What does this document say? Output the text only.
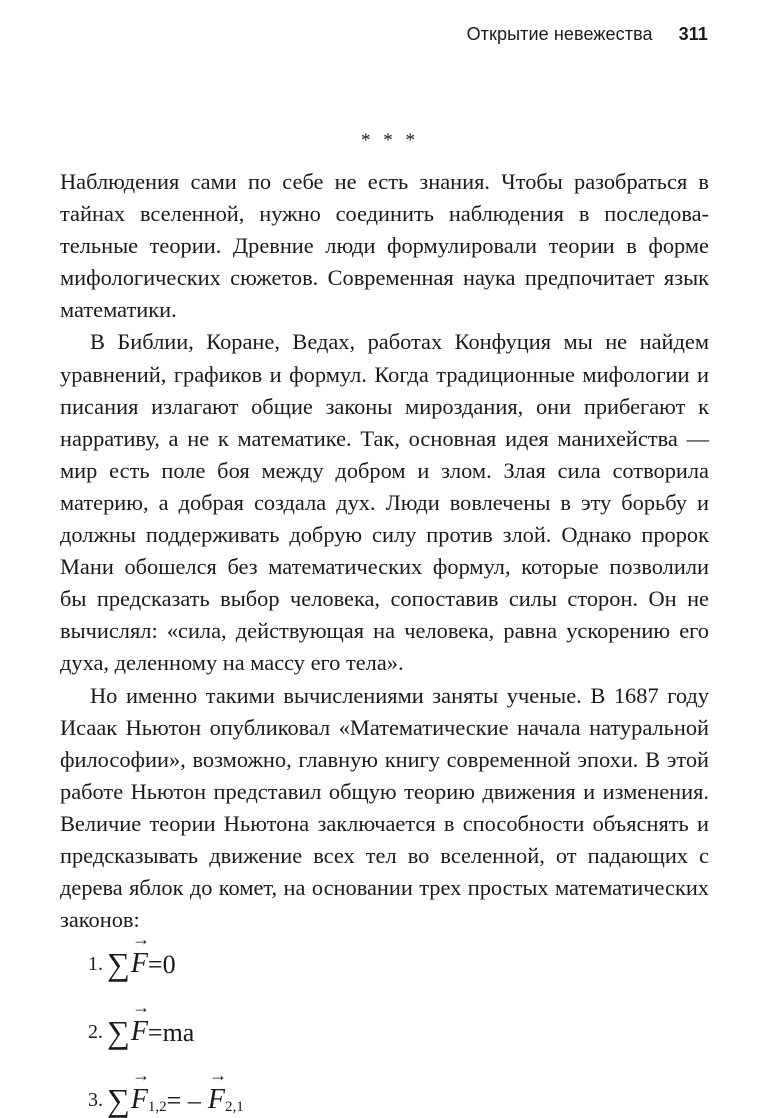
Открытие невежества 311
* * *

Наблюдения сами по себе не есть знания. Чтобы разобраться в тайнах вселенной, нужно соединить наблюдения в последовательные теории. Древние люди формулировали теории в форме мифологических сюжетов. Современная наука предпочитает язык математики.

В Библии, Коране, Ведах, работах Конфуция мы не найдем уравнений, графиков и формул. Когда традиционные мифологии и писания излагают общие законы мироздания, они прибегают к нарративу, а не к математике. Так, основная идея манихейства — мир есть поле боя между добром и злом. Злая сила сотворила материю, а добрая создала дух. Люди вовлечены в эту борьбу и должны поддерживать добрую силу против злой. Однако пророк Мани обошелся без математических формул, которые позволили бы предсказать выбор человека, сопоставив силы сторон. Он не вычислял: «сила, действующая на человека, равна ускорению его духа, деленному на массу его тела».

Но именно такими вычислениями заняты ученые. В 1687 году Исаак Ньютон опубликовал «Математические начала натуральной философии», возможно, главную книгу современной эпохи. В этой работе Ньютон представил общую теорию движения и изменения. Величие теории Ньютона заключается в способности объяснять и предсказывать движение всех тел во вселенной, от падающих с дерева яблок до комет, на основании трех простых математических законов:

1. ∑
→
F =0
2. ∑
→
F =ma
3. ∑
→
F 1,2 = –

→
F 2,1
